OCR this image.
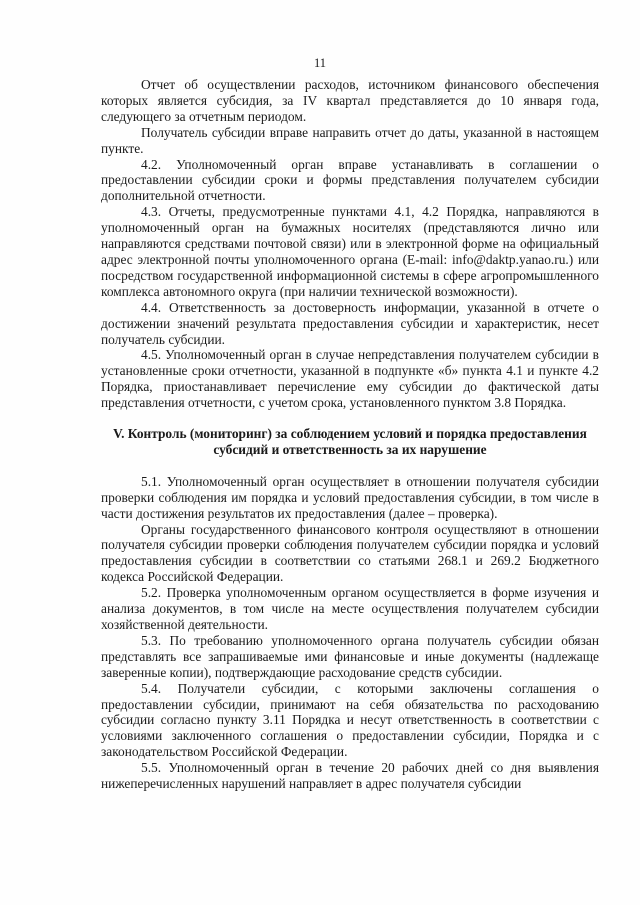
11

Отчет об осуществлении расходов, источником финансового обеспечения которых является субсидия, за IV квартал представляется до 10 января года, следующего за отчетным периодом.

Получатель субсидии вправе направить отчет до даты, указанной в настоящем пункте.

4.2. Уполномоченный орган вправе устанавливать в соглашении о предоставлении субсидии сроки и формы представления получателем субсидии дополнительной отчетности.

4.3. Отчеты, предусмотренные пунктами 4.1, 4.2 Порядка, направляются в уполномоченный орган на бумажных носителях (представляются лично или направляются средствами почтовой связи) или в электронной форме на официальный адрес электронной почты уполномоченного органа (E-mail: info@daktp.yanao.ru.) или посредством государственной информационной системы в сфере агропромышленного комплекса автономного округа (при наличии технической возможности).

4.4. Ответственность за достоверность информации, указанной в отчете о достижении значений результата предоставления субсидии и характеристик, несет получатель субсидии.

4.5. Уполномоченный орган в случае непредставления получателем субсидии в установленные сроки отчетности, указанной в подпункте «б» пункта 4.1 и пункте 4.2 Порядка, приостанавливает перечисление ему субсидии до фактической даты представления отчетности, с учетом срока, установленного пунктом 3.8 Порядка.

V. Контроль (мониторинг) за соблюдением условий и порядка предоставления субсидий и ответственность за их нарушение

5.1. Уполномоченный орган осуществляет в отношении получателя субсидии проверки соблюдения им порядка и условий предоставления субсидии, в том числе в части достижения результатов их предоставления (далее – проверка).

Органы государственного финансового контроля осуществляют в отношении получателя субсидии проверки соблюдения получателем субсидии порядка и условий предоставления субсидии в соответствии со статьями 268.1 и 269.2 Бюджетного кодекса Российской Федерации.

5.2. Проверка уполномоченным органом осуществляется в форме изучения и анализа документов, в том числе на месте осуществления получателем субсидии хозяйственной деятельности.

5.3. По требованию уполномоченного органа получатель субсидии обязан представлять все запрашиваемые ими финансовые и иные документы (надлежаще заверенные копии), подтверждающие расходование средств субсидии.

5.4. Получатели субсидии, с которыми заключены соглашения о предоставлении субсидии, принимают на себя обязательства по расходованию субсидии согласно пункту 3.11 Порядка и несут ответственность в соответствии с условиями заключенного соглашения о предоставлении субсидии, Порядка и с законодательством Российской Федерации.

5.5. Уполномоченный орган в течение 20 рабочих дней со дня выявления нижеперечисленных нарушений направляет в адрес получателя субсидии
